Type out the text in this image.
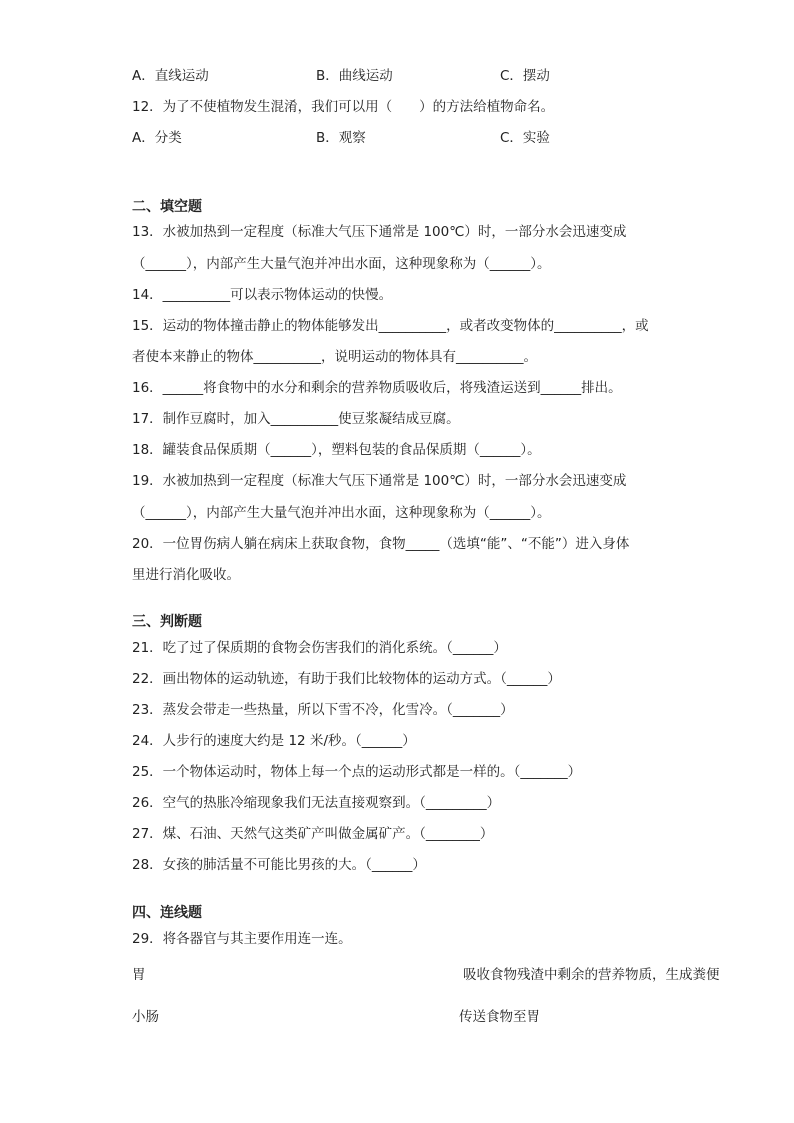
A．直线运动	B．曲线运动	C．摆动
12．为了不使植物发生混淆，我们可以用（　　）的方法给植物命名。
A．分类	B．观察	C．实验
二、填空题
13．水被加热到一定程度（标准大气压下通常是 100℃）时，一部分水会迅速变成
（______），内部产生大量气泡并冲出水面，这种现象称为（______）。
14．__________可以表示物体运动的快慢。
15．运动的物体撞击静止的物体能够发出__________，或者改变物体的__________，或
者使本来静止的物体__________，说明运动的物体具有__________。
16．______将食物中的水分和剩余的营养物质吸收后，将残渣运送到______排出。
17．制作豆腐时，加入__________使豆浆凝结成豆腐。
18．罐装食品保质期（______），塑料包装的食品保质期（______）。
19．水被加热到一定程度（标准大气压下通常是 100℃）时，一部分水会迅速变成
（______），内部产生大量气泡并冲出水面，这种现象称为（______）。
20．一位胃伤病人躺在病床上获取食物，食物_____（选填“能”、“不能”）进入身体
里进行消化吸收。
三、判断题
21．吃了过了保质期的食物会伤害我们的消化系统。（______）
22．画出物体的运动轨迹，有助于我们比较物体的运动方式。（______）
23．蒸发会带走一些热量，所以下雪不冷，化雪冷。（_______）
24．人步行的速度大约是 12 米/秒。（______）
25．一个物体运动时，物体上每一个点的运动形式都是一样的。（_______）
26．空气的热胀冷缩现象我们无法直接观察到。（_________）
27．煤、石油、天然气这类矿产叫做金属矿产。（________）
28．女孩的肺活量不可能比男孩的大。（______）
四、连线题
29．将各器官与其主要作用连一连。
胃	吸收食物残渣中剩余的营养物质，生成粪便
小肠	传送食物至胃
